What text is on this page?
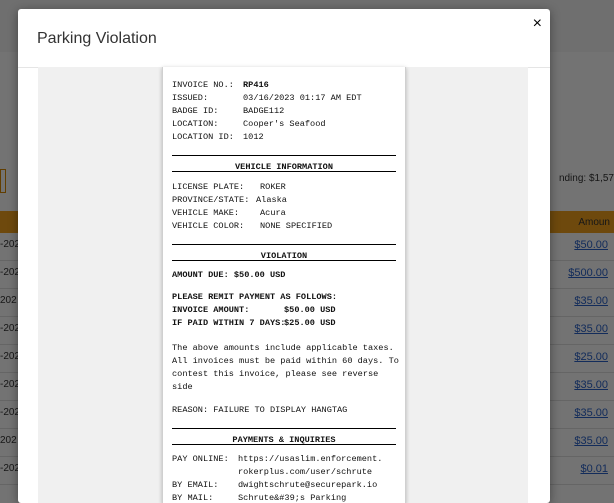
Parking Violation
×
INVOICE NO.: RP416
ISSUED:	03/16/2023 01:17 AM EDT
BADGE ID:	BADGE112
LOCATION:	Cooper's Seafood
LOCATION ID: 1012
VEHICLE INFORMATION
LICENSE PLATE: ROKER
PROVINCE/STATE: Alaska
VEHICLE MAKE: Acura
VEHICLE COLOR: NONE SPECIFIED
VIOLATION
AMOUNT DUE: $50.00 USD
PLEASE REMIT PAYMENT AS FOLLOWS:
INVOICE AMOUNT:	$50.00 USD
IF PAID WITHIN 7 DAYS:
$25.00 USD
The above amounts include applicable taxes. All invoices must be paid within 60 days. To contest this invoice, please see reverse side
REASON: FAILURE TO DISPLAY HANGTAG
PAYMENTS & INQUIRIES
PAY ONLINE: https://usaslim.enforcement.
rokerplus.com/user/schrute
BY EMAIL: dwightschrute@securepark.io
BY MAIL:	Schrute&#39;s Parking
